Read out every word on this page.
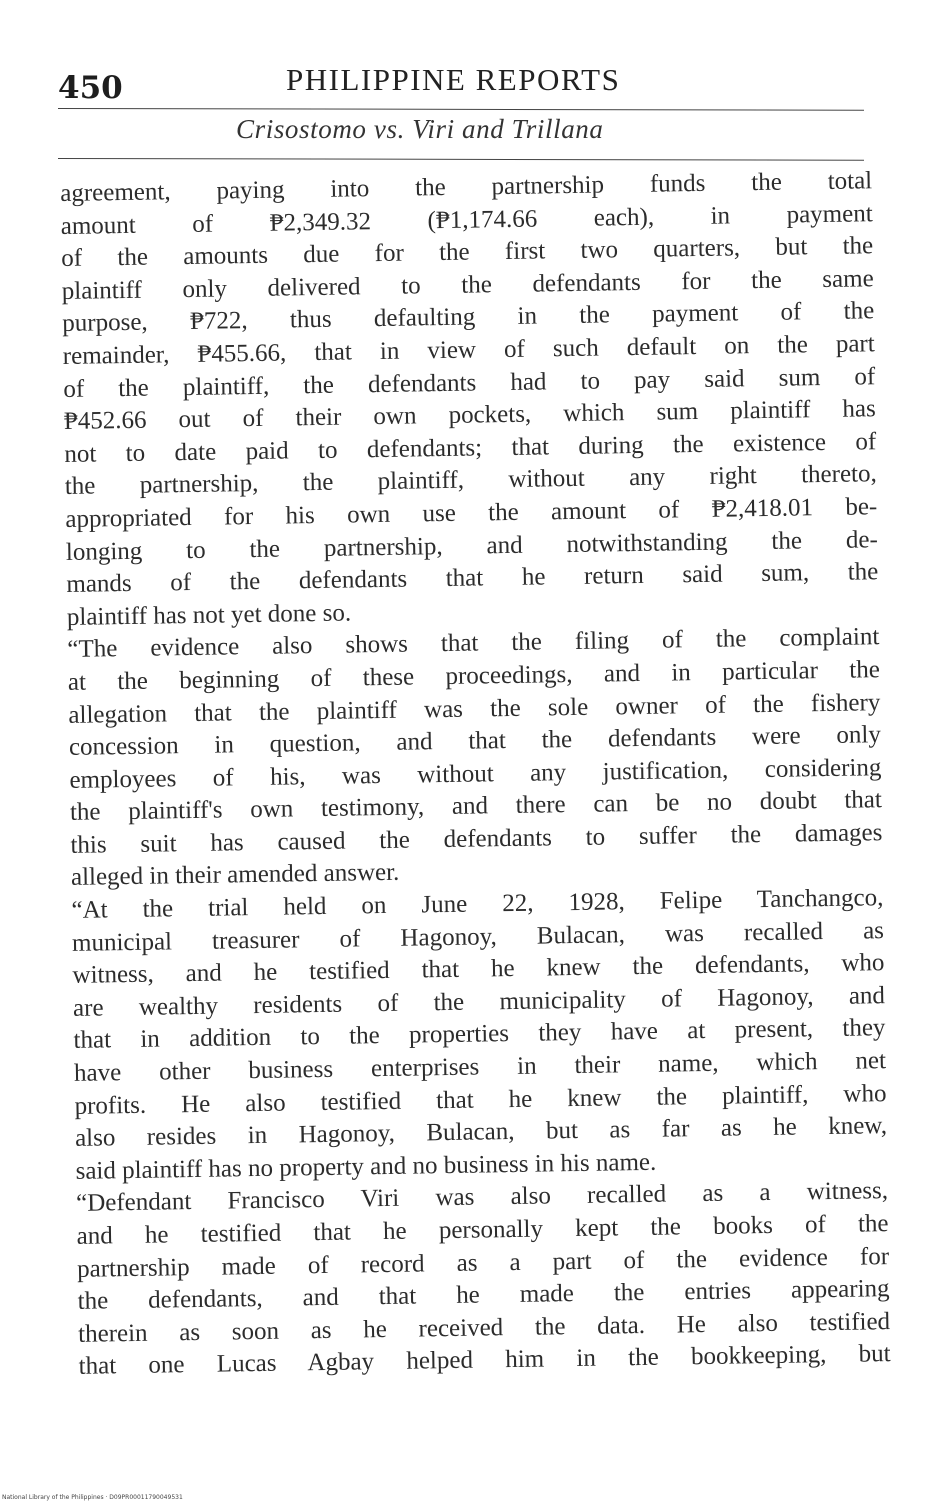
450	PHILIPPINE REPORTS
Crisostomo vs. Viri and Trillana
agreement, paying into the partnership funds the total
amount of ₱2,349.32 (₱1,174.66 each), in payment
of the amounts due for the first two quarters, but the
plaintiff only delivered to the defendants for the same
purpose, ₱722, thus defaulting in the payment of the
remainder, ₱455.66, that in view of such default on the part
of the plaintiff, the defendants had to pay said sum of
₱452.66 out of their own pockets, which sum plaintiff has
not to date paid to defendants; that during the existence of
the partnership, the plaintiff, without any right thereto,
appropriated for his own use the amount of ₱2,418.01 be-
longing to the partnership, and notwithstanding the de-
mands of the defendants that he return said sum, the
plaintiff has not yet done so.
“The evidence also shows that the filing of the complaint
at the beginning of these proceedings, and in particular the
allegation that the plaintiff was the sole owner of the fishery
concession in question, and that the defendants were only
employees of his, was without any justification, considering
the plaintiff's own testimony, and there can be no doubt that
this suit has caused the defendants to suffer the damages
alleged in their amended answer.
“At the trial held on June 22, 1928, Felipe Tanchangco,
municipal treasurer of Hagonoy, Bulacan, was recalled as
witness, and he testified that he knew the defendants, who
are wealthy residents of the municipality of Hagonoy, and
that in addition to the properties they have at present, they
have other business enterprises in their name, which net
profits. He also testified that he knew the plaintiff, who
also resides in Hagonoy, Bulacan, but as far as he knew,
said plaintiff has no property and no business in his name.
“Defendant Francisco Viri was also recalled as a witness,
and he testified that he personally kept the books of the
partnership made of record as a part of the evidence for
the defendants, and that he made the entries appearing
therein as soon as he received the data. He also testified
that one Lucas Agbay helped him in the bookkeeping, but
National Library of the Philippines · D09PR00011790049531
